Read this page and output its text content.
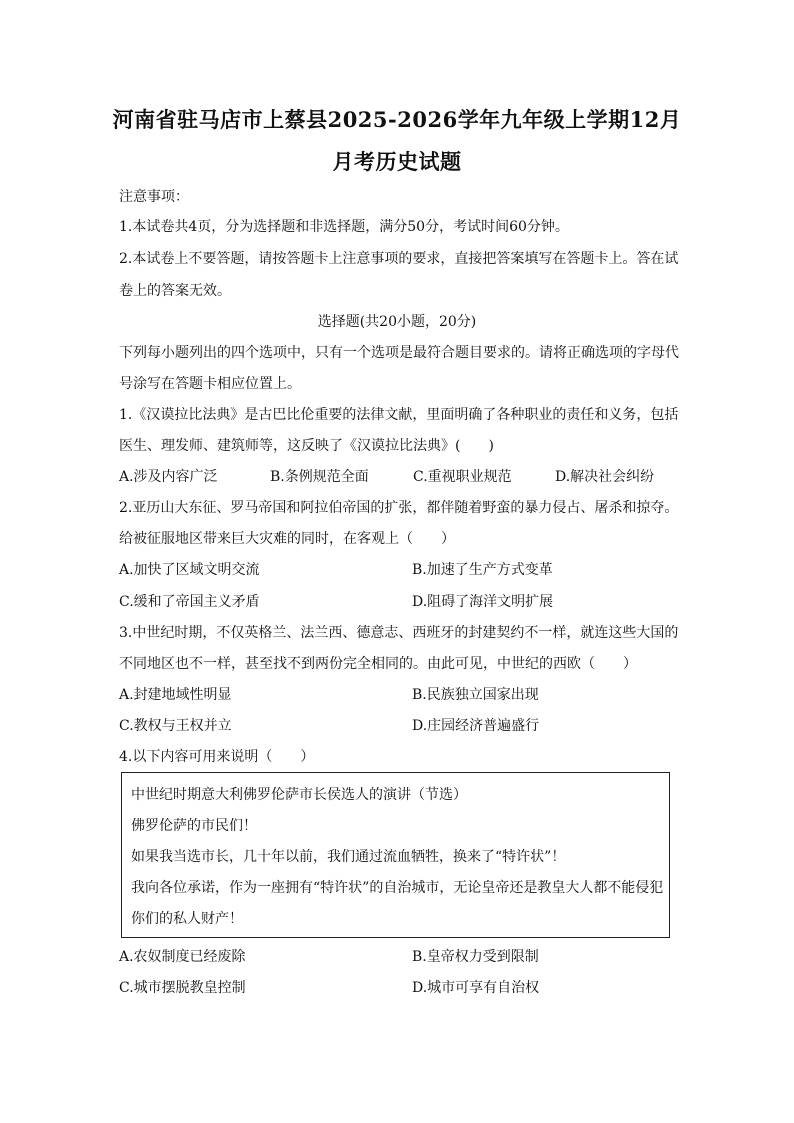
河南省驻马店市上蔡县2025-2026学年九年级上学期12月
月考历史试题
注意事项：
1.本试卷共4页，分为选择题和非选择题，满分50分，考试时间60分钟。
2.本试卷上不要答题，请按答题卡上注意事项的要求，直接把答案填写在答题卡上。答在试
卷上的答案无效。
选择题(共20小题，20分)
下列每小题列出的四个选项中，只有一个选项是最符合题目要求的。请将正确选项的字母代
号涂写在答题卡相应位置上。
1.《汉谟拉比法典》是古巴比伦重要的法律文献，里面明确了各种职业的责任和义务，包括
医生、理发师、建筑师等，这反映了《汉谟拉比法典》(　　)
A.涉及内容广泛	B.条例规范全面	C.重视职业规范	D.解决社会纠纷
2.亚历山大东征、罗马帝国和阿拉伯帝国的扩张，都伴随着野蛮的暴力侵占、屠杀和掠夺。
给被征服地区带来巨大灾难的同时，在客观上（　　）
A.加快了区域文明交流	B.加速了生产方式变革
C.缓和了帝国主义矛盾	D.阻碍了海洋文明扩展
3.中世纪时期，不仅英格兰、法兰西、德意志、西班牙的封建契约不一样，就连这些大国的
不同地区也不一样，甚至找不到两份完全相同的。由此可见，中世纪的西欧（　　）
A.封建地域性明显	B.民族独立国家出现
C.教权与王权并立	D.庄园经济普遍盛行
4.以下内容可用来说明（　　）
中世纪时期意大利佛罗伦萨市长侯选人的演讲（节选）
佛罗伦萨的市民们！
如果我当选市长，几十年以前，我们通过流血牺牲，换来了“特许状”！
我向各位承诺，作为一座拥有“特许状”的自治城市，无论皇帝还是教皇大人都不能侵犯
你们的私人财产！
A.农奴制度已经废除	B.皇帝权力受到限制
C.城市摆脱教皇控制	D.城市可享有自治权
